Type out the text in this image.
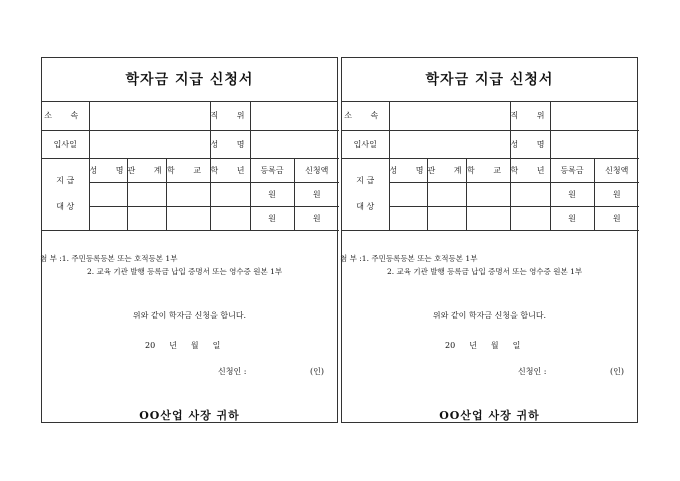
학자금 지급 신청서
소 속				직 위		
입사일				성 명		

지 급
대 상	성 명	관 계	학 교	학 년	등록금	신청액
					원	원
					원	원
첨 부 :1. 주민등록등본 또는 호적등본 1부
2. 교육 기관 발행 등록금 납입 증명서 또는 영수증 원본 1부
위와 같이 학자금 신청을 합니다.
20 년 월 일
신청인 :	(인)
OO산업 사장 귀하
학자금 지급 신청서
소 속				직 위		
입사일				성 명		

지 급
대 상	성 명	관 계	학 교	학 년	등록금	신청액
					원	원
					원	원
첨 부 :1. 주민등록등본 또는 호적등본 1부
2. 교육 기관 발행 등록금 납입 증명서 또는 영수증 원본 1부
위와 같이 학자금 신청을 합니다.
20 년 월 일
신청인 :	(인)
OO산업 사장 귀하
